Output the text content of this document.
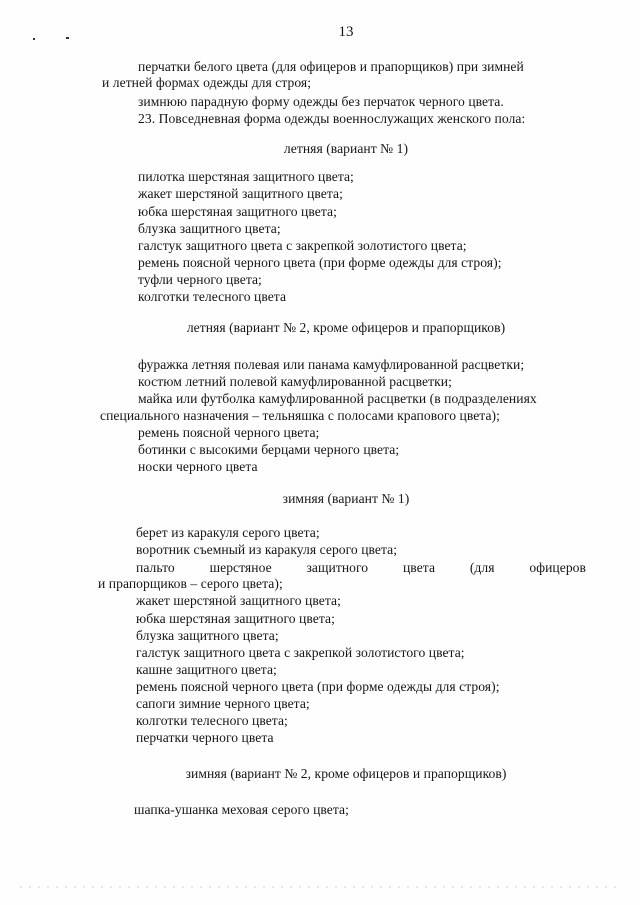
13
перчатки белого цвета (для офицеров и прапорщиков) при зимней
и летней формах одежды для строя;
зимнюю парадную форму одежды без перчаток черного цвета.
23. Повседневная форма одежды военнослужащих женского пола:
летняя (вариант № 1)
пилотка шерстяная защитного цвета;
жакет шерстяной защитного цвета;
юбка шерстяная защитного цвета;
блузка защитного цвета;
галстук защитного цвета с закрепкой золотистого цвета;
ремень поясной черного цвета (при форме одежды для строя);
туфли черного цвета;
колготки телесного цвета
летняя (вариант № 2, кроме офицеров и прапорщиков)
фуражка летняя полевая или панама камуфлированной расцветки;
костюм летний полевой камуфлированной расцветки;
майка или футболка камуфлированной расцветки (в подразделениях
специального назначения – тельняшка с полосами крапового цвета);
ремень поясной черного цвета;
ботинки с высокими берцами черного цвета;
носки черного цвета
зимняя (вариант № 1)
берет из каракуля серого цвета;
воротник съемный из каракуля серого цвета;
пальто	шерстяное	защитного	цвета	(для	офицеров
и прапорщиков – серого цвета);
жакет шерстяной защитного цвета;
юбка шерстяная защитного цвета;
блузка защитного цвета;
галстук защитного цвета с закрепкой золотистого цвета;
кашне защитного цвета;
ремень поясной черного цвета (при форме одежды для строя);
сапоги зимние черного цвета;
колготки телесного цвета;
перчатки черного цвета
зимняя (вариант № 2, кроме офицеров и прапорщиков)
шапка-ушанка меховая серого цвета;
